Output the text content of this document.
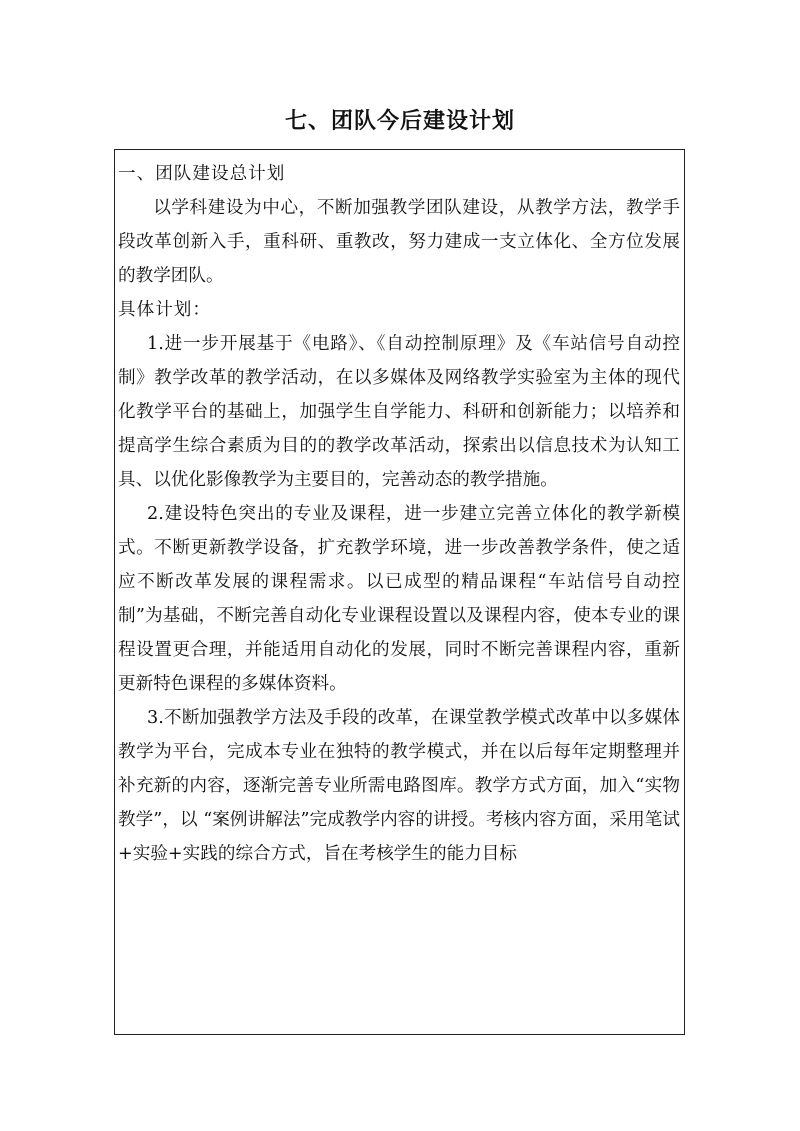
七、团队今后建设计划

一、团队建设总计划

以学科建设为中心，不断加强教学团队建设，从教学方法，教学手段改革创新入手，重科研、重教改，努力建成一支立体化、全方位发展的教学团队。

具体计划：

1.进一步开展基于《电路》、《自动控制原理》及《车站信号自动控制》教学改革的教学活动，在以多媒体及网络教学实验室为主体的现代化教学平台的基础上，加强学生自学能力、科研和创新能力；以培养和提高学生综合素质为目的的教学改革活动，探索出以信息技术为认知工具、以优化影像教学为主要目的，完善动态的教学措施。

2.建设特色突出的专业及课程，进一步建立完善立体化的教学新模式。不断更新教学设备，扩充教学环境，进一步改善教学条件，使之适应不断改革发展的课程需求。以已成型的精品课程“车站信号自动控制”为基础，不断完善自动化专业课程设置以及课程内容，使本专业的课程设置更合理，并能适用自动化的发展，同时不断完善课程内容，重新更新特色课程的多媒体资料。

3.不断加强教学方法及手段的改革，在课堂教学模式改革中以多媒体教学为平台，完成本专业在独特的教学模式，并在以后每年定期整理并补充新的内容，逐渐完善专业所需电路图库。教学方式方面，加入“实物教学”，以 “案例讲解法”完成教学内容的讲授。考核内容方面，采用笔试+实验+实践的综合方式，旨在考核学生的能力目标
